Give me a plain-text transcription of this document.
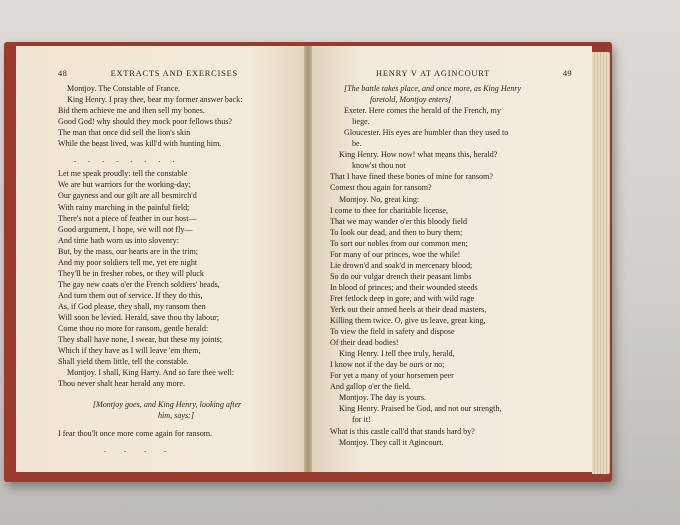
48	EXTRACTS AND EXERCISES
Montjoy. The Constable of France.
King Henry. I pray thee, bear my former answer back:
Bid them achieve me and then sell my bones.
Good God! why should they mock poor fellows thus?
The man that once did sell the lion's skin
While the beast lived, was kill'd with hunting him.
. . . . . . . .
Let me speak proudly: tell the constable
We are but warriors for the working-day;
Our gayness and our gilt are all besmirch'd
With rainy marching in the painful field;
There's not a piece of feather in our host—
Good argument, I hope, we will not fly—
And time hath worn us into slovenry:
But, by the mass, our hearts are in the trim;
And my poor soldiers tell me, yet ere night
They'll be in fresher robes, or they will pluck
The gay new coats o'er the French soldiers' heads,
And turn them out of service. If they do this,
As, if God please, they shall, my ransom then
Will soon be levied. Herald, save thou thy labour;
Come thou no more for ransom, gentle herald:
They shall have none, I swear, but these my joints;
Which if they have as I will leave 'em them,
Shall yield them little, tell the constable.
Montjoy. I shall, King Harry. And so fare thee well:
Thou never shalt hear herald any more.
[Montjoy goes, and King Henry, looking after
him, says:]
I fear thou'lt once more come again for ransom.
. . . .
HENRY V AT AGINCOURT	49
[The battle takes place, and once more, as King Henry
foretold, Montjoy enters]
Exeter. Here comes the herald of the French, my
liege.
Gloucester. His eyes are humbler than they used to
be.
King Henry. How now! what means this, herald?
know'st thou not
That I have fined these bones of mine for ransom?
Comest thou again for ransom?
Montjoy. No, great king:
I come to thee for charitable license,
That we may wander o'er this bloody field
To look our dead, and then to bury them;
To sort our nobles from our common men;
For many of our princes, woe the while!
Lie drown'd and soak'd in mercenary blood;
So do our vulgar drench their peasant limbs
In blood of princes; and their wounded steeds
Fret fetlock deep in gore, and with wild rage
Yerk out their armed heels at their dead masters,
Killing them twice. O, give us leave, great king,
To view the field in safety and dispose
Of their dead bodies!
King Henry. I tell thee truly, herald,
I know not if the day be ours or no;
For yet a many of your horsemen peer
And gallop o'er the field.
Montjoy. The day is yours.
King Henry. Praised be God, and not our strength,
for it!
What is this castle call'd that stands hard by?
Montjoy. They call it Agincourt.
